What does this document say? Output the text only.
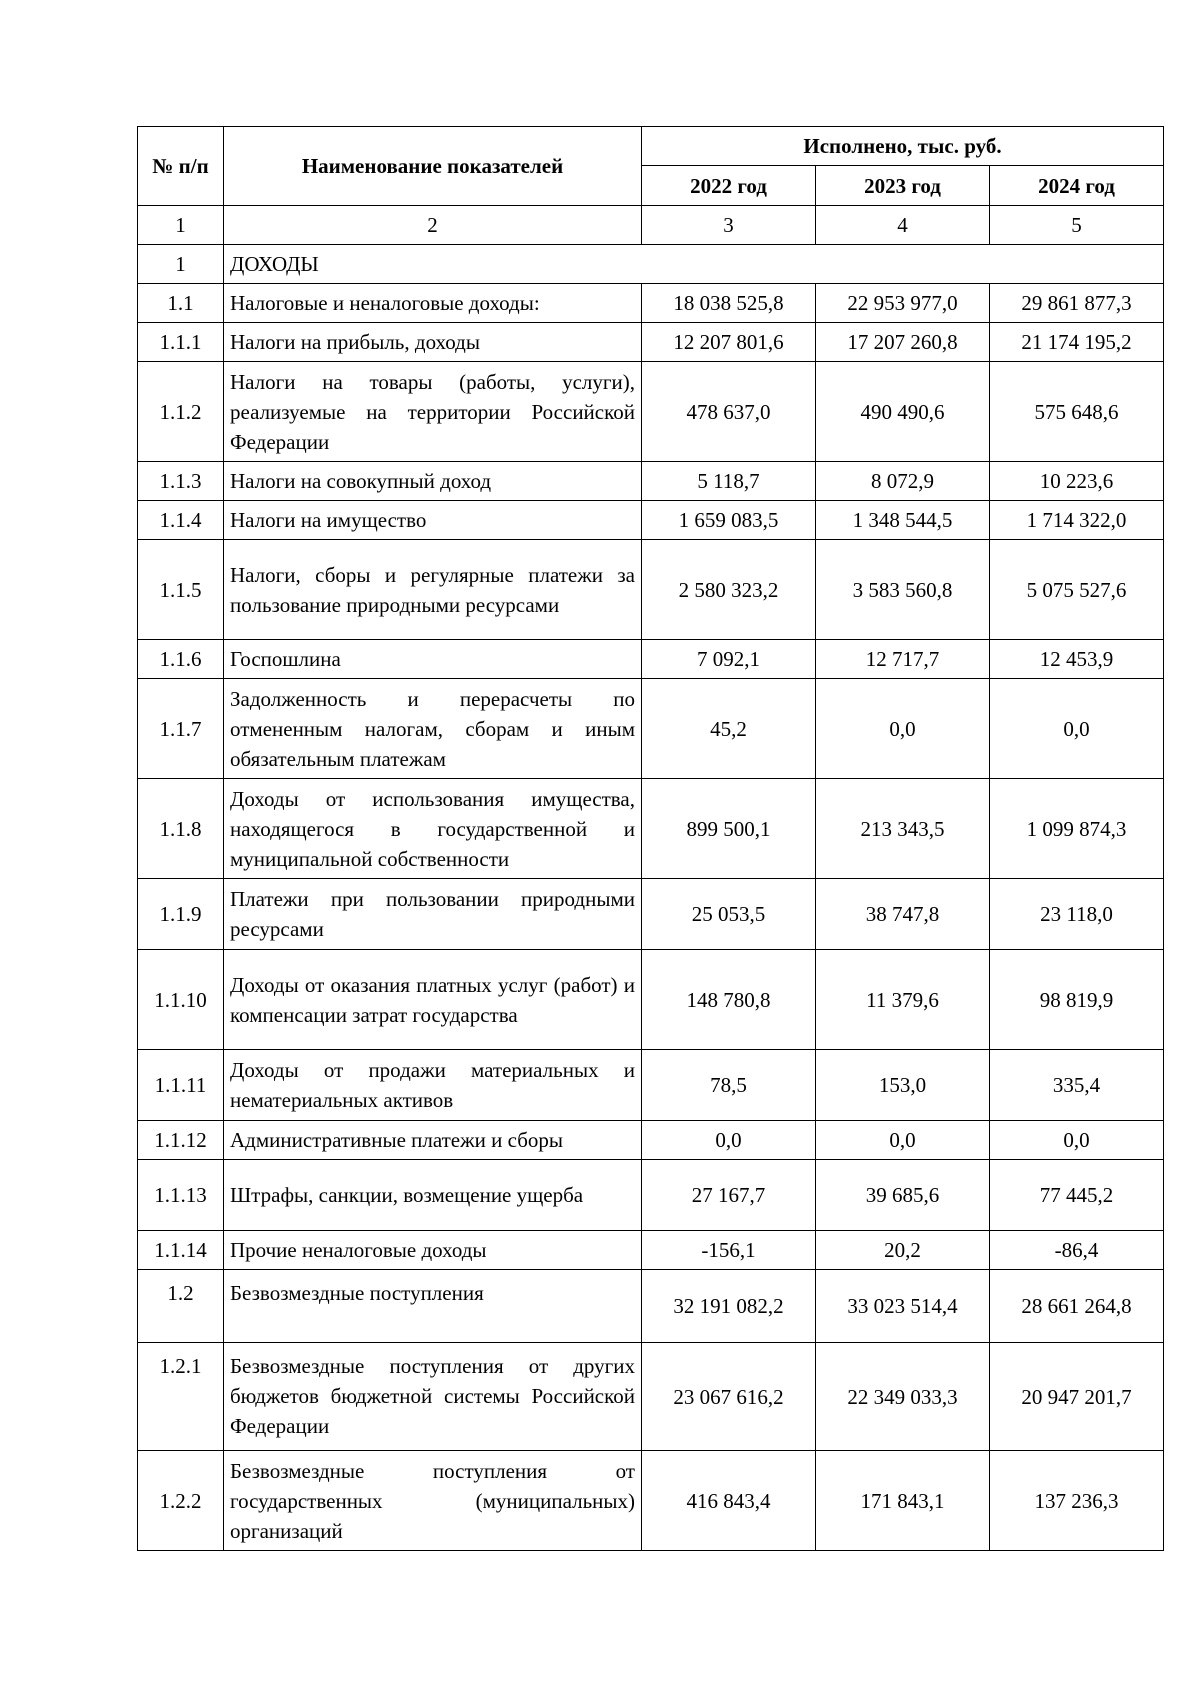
№ п/п	Наименование показателей	Исполнено, тыс. руб.		
		2022 год	2023 год	2024 год
1	2	3	4	5
1	ДОХОДЫ			
1.1	Налоговые и неналоговые доходы:	18 038 525,8	22 953 977,0	29 861 877,3
1.1.1	Налоги на прибыль, доходы	12 207 801,6	17 207 260,8	21 174 195,2
1.1.2	Налоги на товары (работы, услуги), реализуемые на территории Российской Федерации	478 637,0	490 490,6	575 648,6
1.1.3	Налоги на совокупный доход	5 118,7	8 072,9	10 223,6
1.1.4	Налоги на имущество	1 659 083,5	1 348 544,5	1 714 322,0
1.1.5	Налоги, сборы и регулярные платежи за пользование природными ресурсами	2 580 323,2	3 583 560,8	5 075 527,6
1.1.6	Госпошлина	7 092,1	12 717,7	12 453,9
1.1.7	Задолженность и перерасчеты по отмененным налогам, сборам и иным обязательным платежам	45,2	0,0	0,0
1.1.8	Доходы от использования имущества, находящегося в государственной и муниципальной собственности	899 500,1	213 343,5	1 099 874,3
1.1.9	Платежи при пользовании природными ресурсами	25 053,5	38 747,8	23 118,0
1.1.10	Доходы от оказания платных услуг (работ) и компенсации затрат государства	148 780,8	11 379,6	98 819,9
1.1.11	Доходы от продажи материальных и нематериальных активов	78,5	153,0	335,4
1.1.12	Административные платежи и сборы	0,0	0,0	0,0
1.1.13	Штрафы, санкции, возмещение ущерба	27 167,7	39 685,6	77 445,2
1.1.14	Прочие неналоговые доходы	-156,1	20,2	-86,4
1.2	Безвозмездные поступления	32 191 082,2	33 023 514,4	28 661 264,8
1.2.1	Безвозмездные поступления от других бюджетов бюджетной системы Российской Федерации	23 067 616,2	22 349 033,3	20 947 201,7
1.2.2	Безвозмездные поступления от государственных (муниципальных) организаций	416 843,4	171 843,1	137 236,3
